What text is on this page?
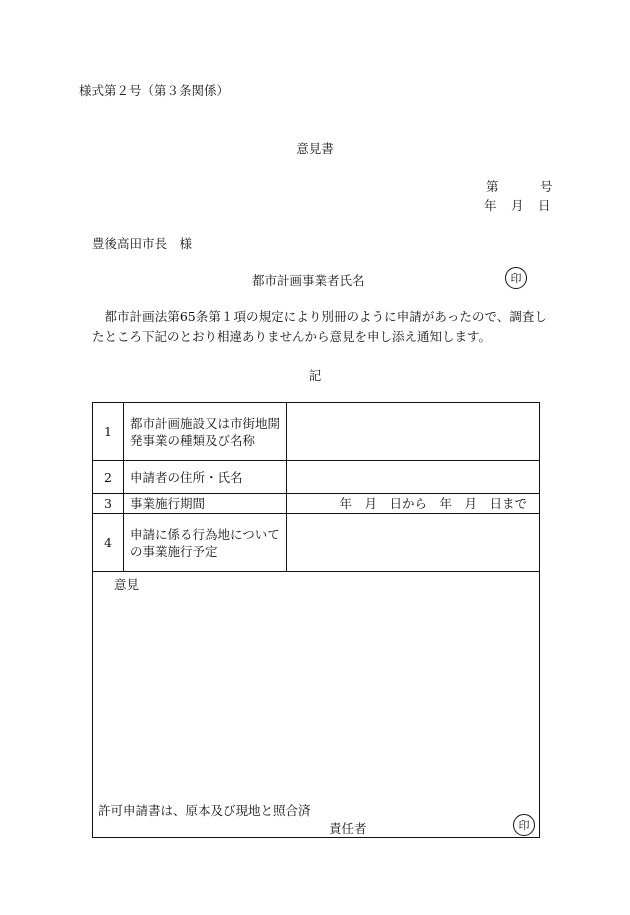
様式第２号（第３条関係）
意見書
第	号
年 月 日
豊後高田市長　様
都市計画事業者氏名	印
都市計画法第65条第１項の規定により別冊のように申請があったので、調査したところ下記のとおり相違ありませんから意見を申し添え通知します。
記
1	都市計画施設又は市街地開発事業の種類及び名称	
2	申請者の住所・氏名	
3	事業施行期間	年　月　日から　年　月　日まで
4	申請に係る行為地についての事業施行予定	

意見
許可申請書は、原本及び現地と照合済
責任者			印
